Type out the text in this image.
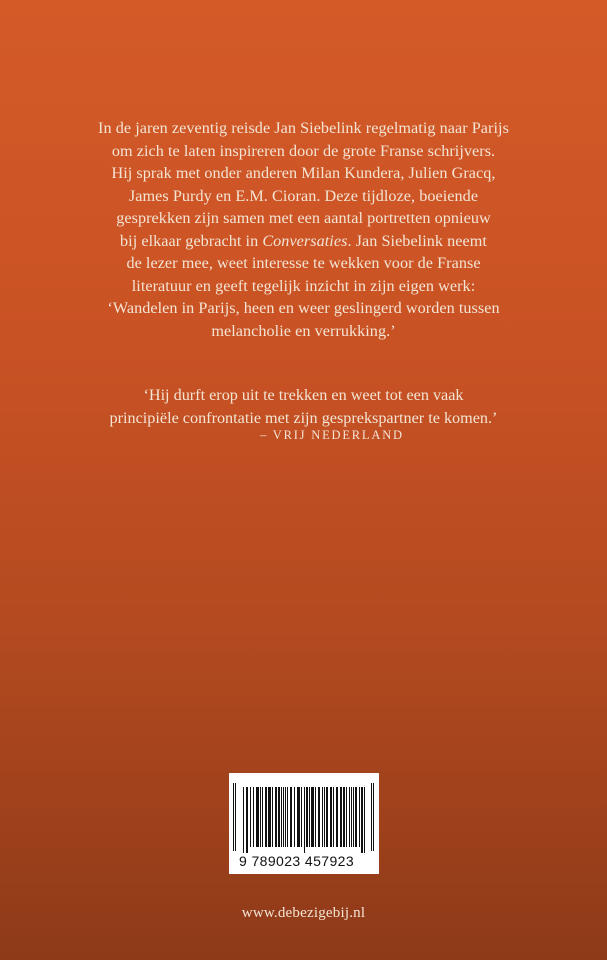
In de jaren zeventig reisde Jan Siebelink regelmatig naar Parijs
om zich te laten inspireren door de grote Franse schrijvers.
Hij sprak met onder anderen Milan Kundera, Julien Gracq,
James Purdy en E.M. Cioran. Deze tijdloze, boeiende
gesprekken zijn samen met een aantal portretten opnieuw
bij elkaar gebracht in Conversaties. Jan Siebelink neemt
de lezer mee, weet interesse te wekken voor de Franse
literatuur en geeft tegelijk inzicht in zijn eigen werk:
‘Wandelen in Parijs, heen en weer geslingerd worden tussen
melancholie en verrukking.’
‘Hij durft erop uit te trekken en weet tot een vaak
principiële confrontatie met zijn gesprekspartner te komen.’
– VRIJ NEDERLAND
9 789023 457923
www.debezigebij.nl
